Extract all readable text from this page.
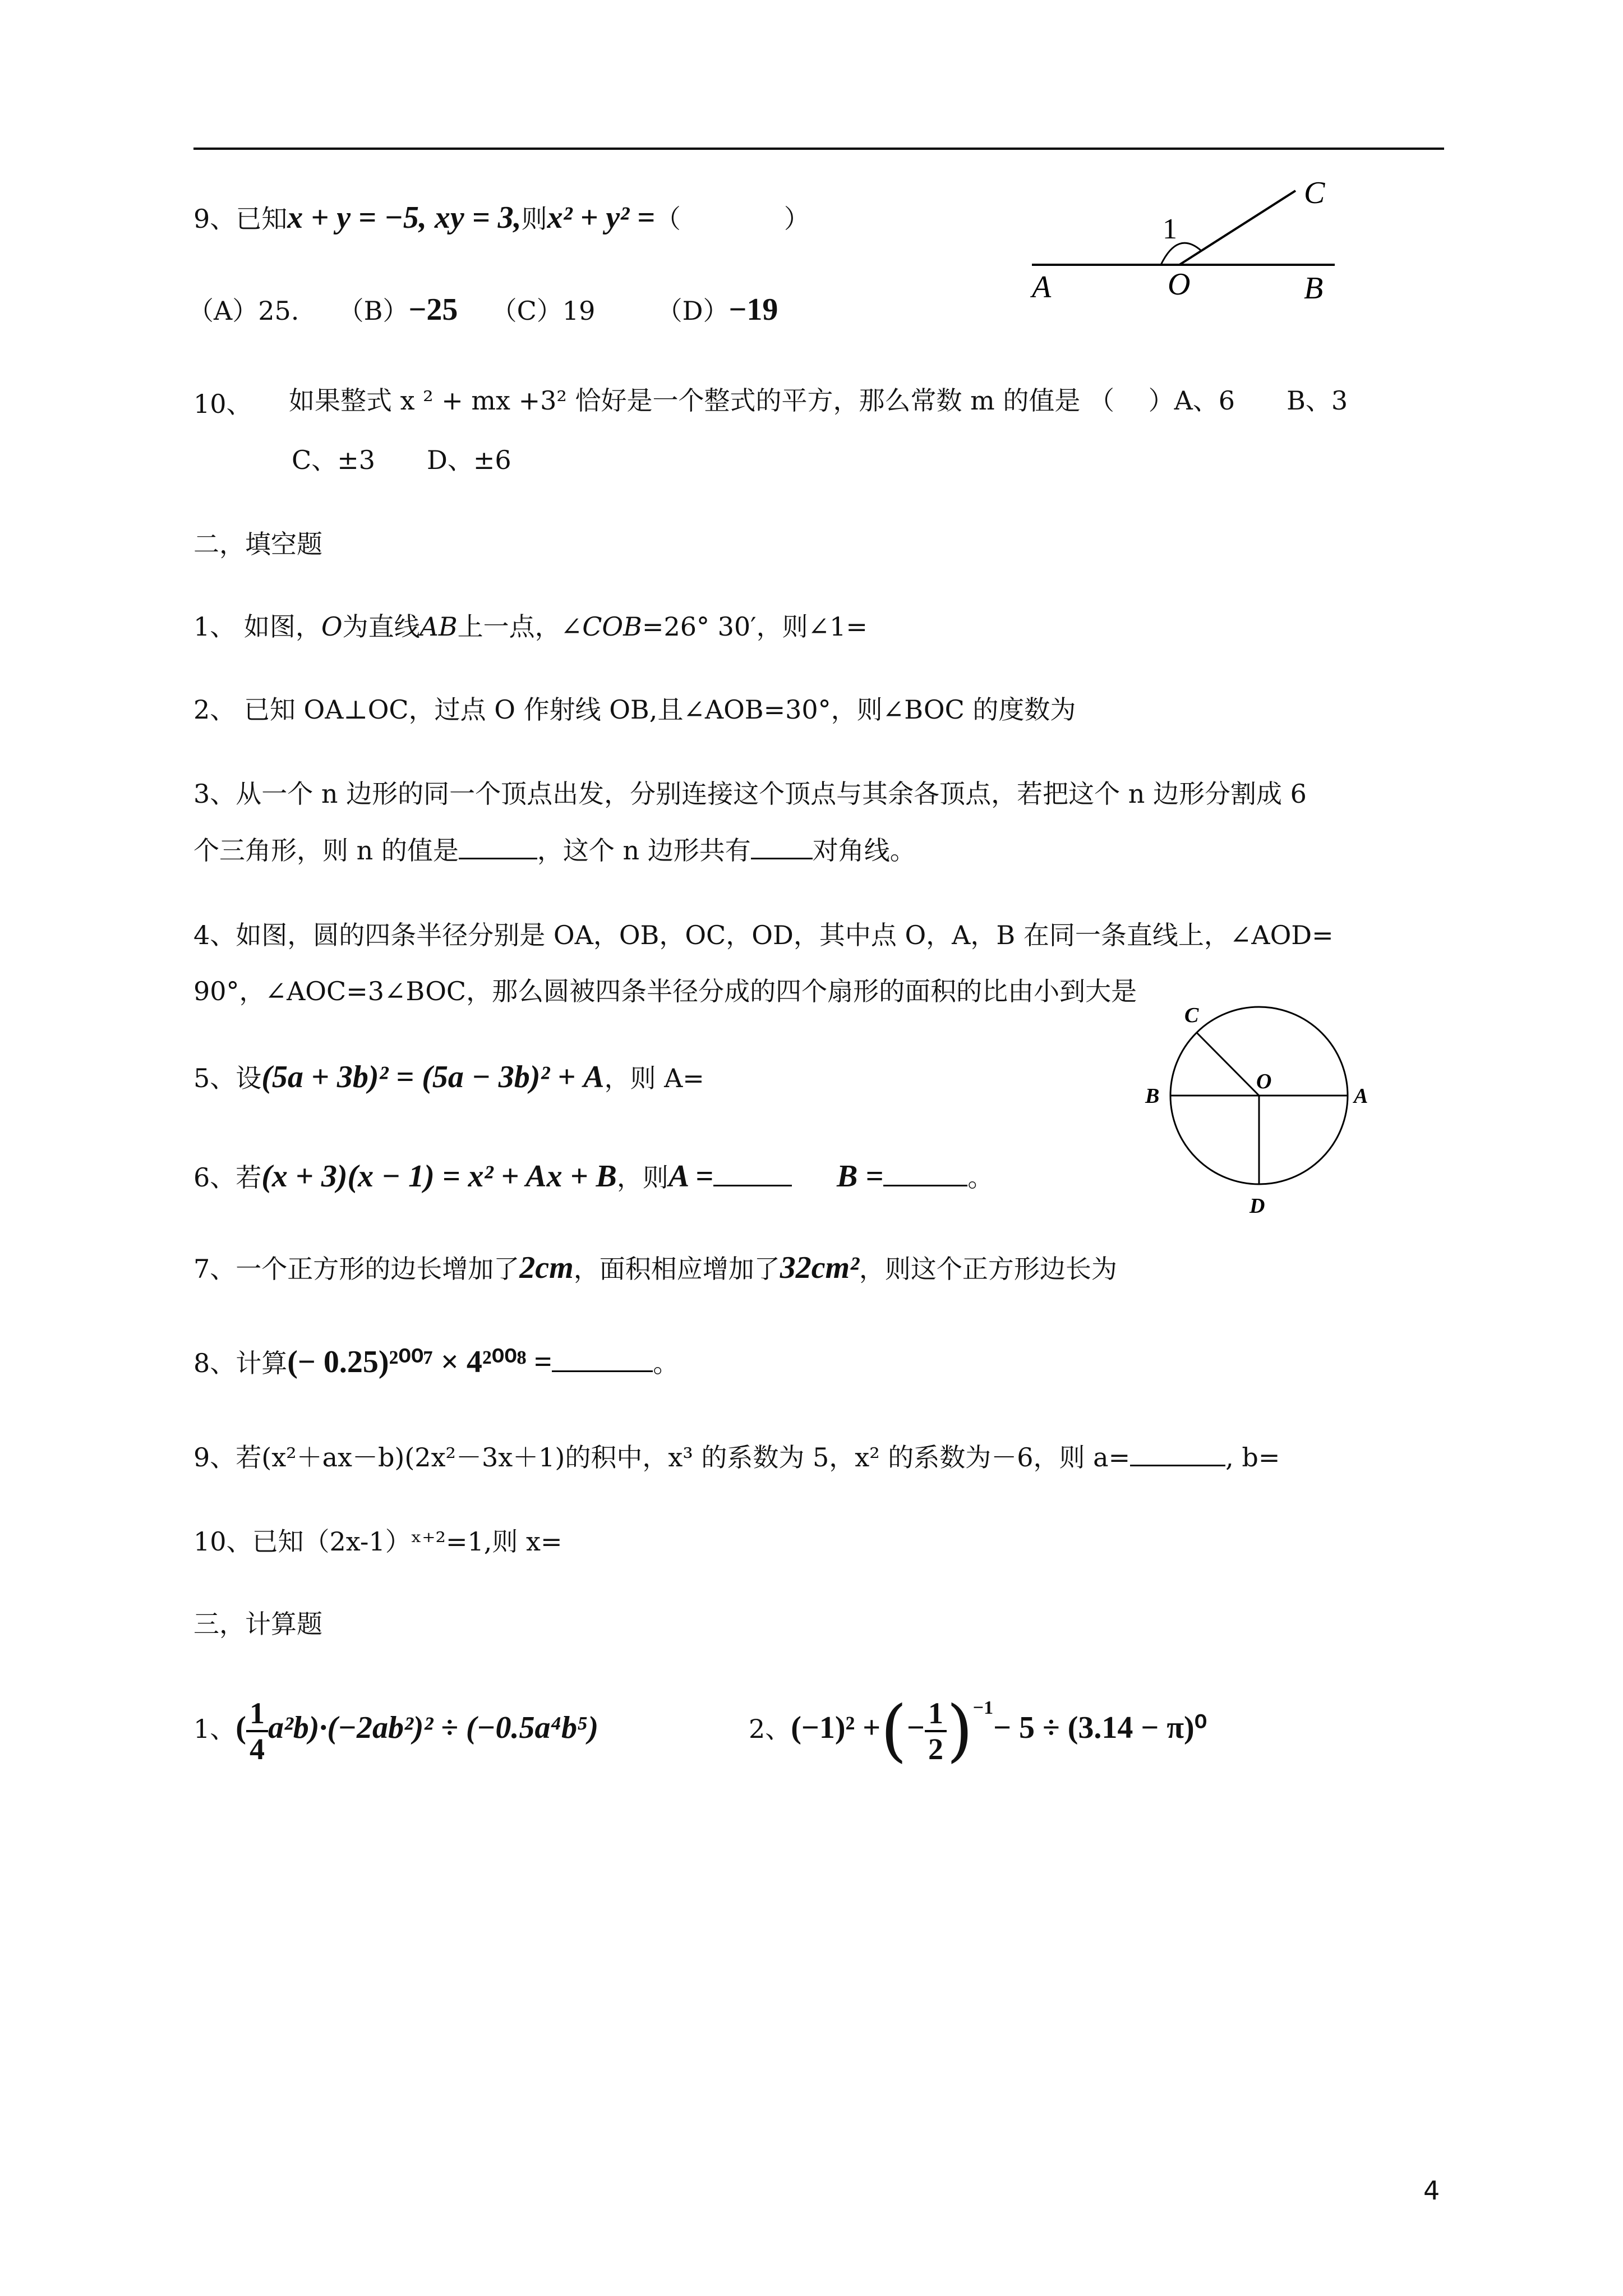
9、已知x + y = −5, xy = 3,则x² + y² =（　　　　）
（A）25. （B）−25 （C）19 （D）−19
1
A	O	B
C
如果整式 x ² + mx +3² 恰好是一个整式的平方，那么常数 m 的值是 （　 ）A、6　　B、3
10、
C、±3　　D、±6
二，填空题
1、 如图，O为直线AB上一点，∠COB=26° 30′，则∠1=
2、 已知 OA⊥OC，过点 O 作射线 OB,且∠AOB=30°，则∠BOC 的度数为
3、从一个 n 边形的同一个顶点出发，分别连接这个顶点与其余各顶点，若把这个 n 边形分割成 6
个三角形，则 n 的值是	，这个 n 边形共有 对角线。
4、如图，圆的四条半径分别是 OA，OB，OC，OD，其中点 O，A，B 在同一条直线上，∠AOD=
90°，∠AOC=3∠BOC，那么圆被四条半径分成的四个扇形的面积的比由小到大是
5、设(5a + 3b)² = (5a − 3b)² + A，则 A=
6、若(x + 3)(x − 1) = x² + Ax + B，则A =	B =	。
7、一个正方形的边长增加了2cm，面积相应增加了32cm²，则这个正方形边长为
8、计算(− 0.25)²⁰⁰⁷ × 4²⁰⁰⁸ =	。
9、若(x²＋ax－b)(2x²－3x＋1)的积中，x³ 的系数为 5，x² 的系数为－6，则 a=	, b=
10、已知（2x-1）ˣ⁺²=1,则 x=
C
O
B	A
D
三，计算题
1、( $\frac{1}{4} a^2b)\cdot(-2ab^2)^2 \div (-0.5a^4b^5)$	2、(−1)² +(− $\frac{1}{2} )^{-1}- 5 \div (3.14 - \pi)^0$
4
